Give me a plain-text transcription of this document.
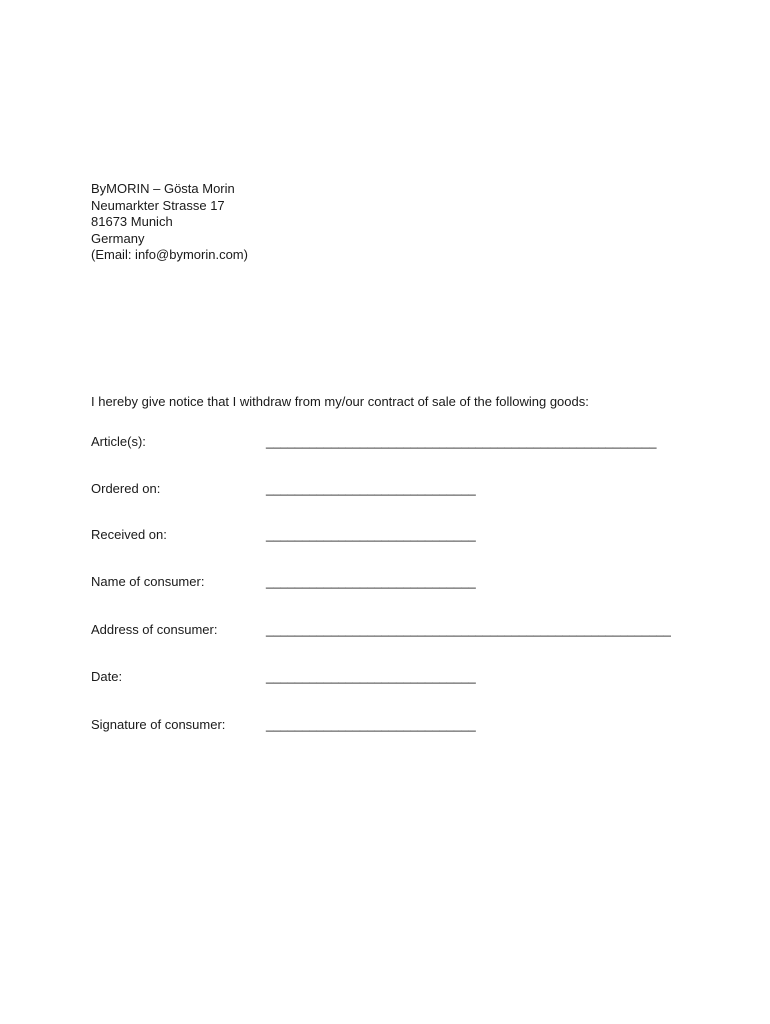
ByMORIN – Gösta Morin
Neumarkter Strasse 17
81673 Munich
Germany
(Email: info@bymorin.com)
I hereby give notice that I withdraw from my/our contract of sale of the following goods:
Article(s):	______________________________________________________
Ordered on:	_____________________________
Received on:	_____________________________
Name of consumer:	_____________________________
Address of consumer:	________________________________________________________
Date:	_____________________________
Signature of consumer:	_____________________________
